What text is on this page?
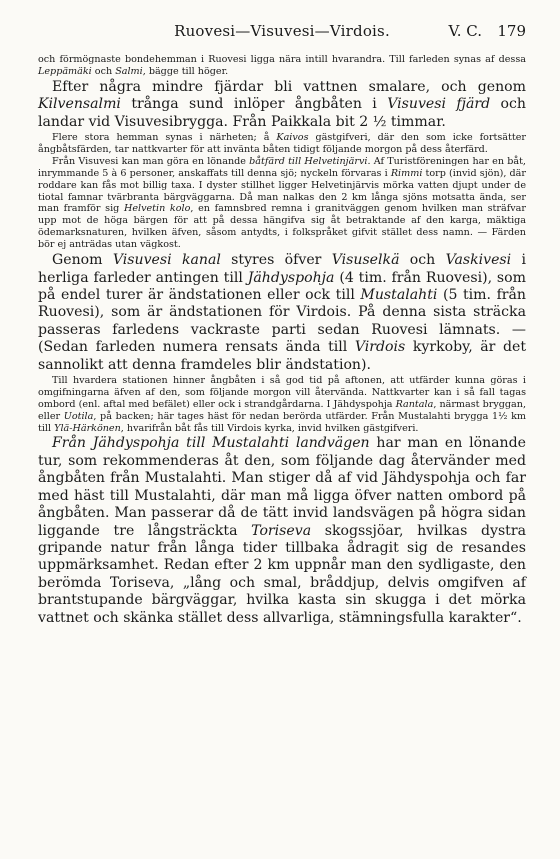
Ruovesi—Visuvesi—Virdois.	V. C. 179

och förmögnaste bondehemman i Ruovesi ligga nära intill hvarandra. Till farleden synas af dessa Leppämäki och Salmi, bägge till höger.

Efter några mindre fjärdar bli vattnen smalare, och genom Kilvensalmi trånga sund inlöper ångbåten i Visuvesi fjärd och landar vid Visuvesibrygga. Från Paikkala bit 2 ½ timmar.

Flere stora hemman synas i närheten; å Kaivos gästgifveri, där den som icke fortsätter ångbåtsfärden, tar nattkvarter för att invänta båten tidigt följande morgon på dess återfärd.

Från Visuvesi kan man göra en lönande båtfärd till Helvetinjärvi. Af Turistföreningen har en båt, inrymmande 5 à 6 personer, anskaffats till denna sjö; nyckeln förvaras i Rimmi torp (invid sjön), där roddare kan fås mot billig taxa. I dyster stillhet ligger Helvetinjärvis mörka vatten djupt under de tiotal famnar tvärbranta bärgväggarna. Då man nalkas den 2 km långa sjöns motsatta ända, ser man framför sig Helvetin kolo, en famnsbred remna i granitväggen genom hvilken man sträfvar upp mot de höga bärgen för att på dessa hängifva sig åt betraktande af den karga, mäktiga ödemarksnaturen, hvilken äfven, såsom antydts, i folkspråket gifvit stället dess namn. — Färden bör ej anträdas utan vägkost.

Genom Visuvesi kanal styres öfver Visuselkä och Vaskivesi i herliga farleder antingen till Jähdyspohja (4 tim. från Ruovesi), som på endel turer är ändstationen eller ock till Mustalahti (5 tim. från Ruovesi), som är ändstationen för Virdois. På denna sista sträcka passeras farledens vackraste parti sedan Ruovesi lämnats. — (Sedan farleden numera rensats ända till Virdois kyrkoby, är det sannolikt att denna framdeles blir ändstation).

Till hvardera stationen hinner ångbåten i så god tid på aftonen, att utfärder kunna göras i omgifningarna äfven af den, som följande morgon vill återvända. Nattkvarter kan i så fall tagas ombord (enl. aftal med befälet) eller ock i strandgårdarna. I Jähdyspohja Rantala, närmast bryggan, eller Uotila, på backen; här tages häst för nedan berörda utfärder. Från Mustalahti brygga 1½ km till Ylä-Härkönen, hvarifrån båt fås till Virdois kyrka, invid hvilken gästgifveri.

Från Jähdyspohja till Mustalahti landvägen har man en lönande tur, som rekommenderas åt den, som följande dag återvänder med ångbåten från Mustalahti. Man stiger då af vid Jähdyspohja och far med häst till Mustalahti, där man må ligga öfver natten ombord på ångbåten. Man passerar då de tätt invid landsvägen på högra sidan liggande tre långsträckta Toriseva skogssjöar, hvilkas dystra gripande natur från långa tider tillbaka ådragit sig de resandes uppmärksamhet. Redan efter 2 km uppnår man den sydligaste, den berömda Toriseva, „lång och smal, bråddjup, delvis omgifven af brantstupande bärgväggar, hvilka kasta sin skugga i det mörka vattnet och skänka stället dess allvarliga, stämningsfulla karakter“.
